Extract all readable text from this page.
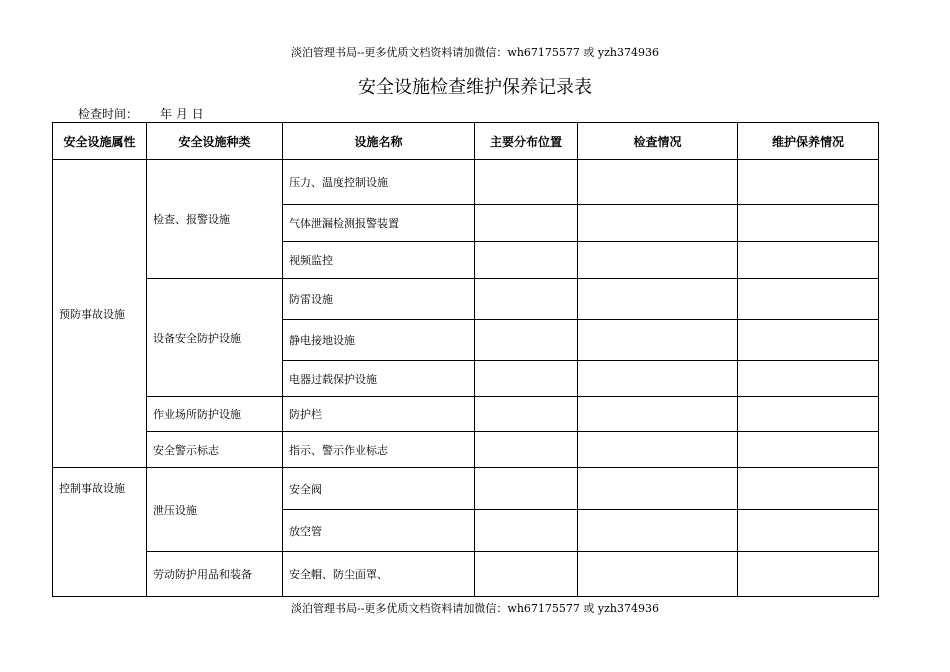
淡泊管理书局--更多优质文档资料请加微信：wh67175577 或 yzh374936
安全设施检查维护保养记录表
检查时间： 年 月 日
安全设施属性	安全设施种类	设施名称	主要分布位置	检查情况	维护保养情况
预防事故设施	检查、报警设施	压力、温度控制设施			
		气体泄漏检测报警装置			
		视频监控			
	设备安全防护设施	防雷设施			
		静电接地设施			
		电器过载保护设施			
	作业场所防护设施	防护栏			
	安全警示标志	指示、警示作业标志			
控制事故设施	泄压设施	安全阀			
		放空管			
	劳动防护用品和装备	安全帽、防尘面罩、			
淡泊管理书局--更多优质文档资料请加微信：wh67175577 或 yzh374936
